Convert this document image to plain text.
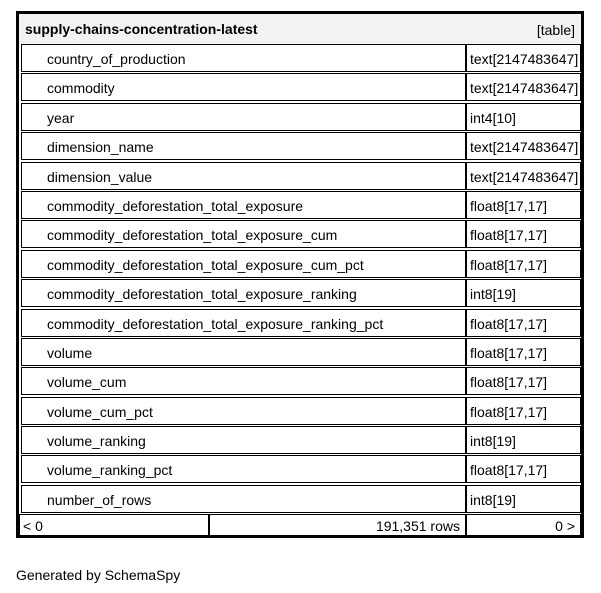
supply-chains-concentration-latest	[table]
country_of_production	text[2147483647]
commodity	text[2147483647]
year	int4[10]
dimension_name	text[2147483647]
dimension_value	text[2147483647]
commodity_deforestation_total_exposure	float8[17,17]
commodity_deforestation_total_exposure_cum	float8[17,17]
commodity_deforestation_total_exposure_cum_pct	float8[17,17]
commodity_deforestation_total_exposure_ranking	int8[19]
commodity_deforestation_total_exposure_ranking_pct	float8[17,17]
volume	float8[17,17]
volume_cum	float8[17,17]
volume_cum_pct	float8[17,17]
volume_ranking	int8[19]
volume_ranking_pct	float8[17,17]
number_of_rows	int8[19]
< 0	191,351 rows	0 >
Generated by SchemaSpy
